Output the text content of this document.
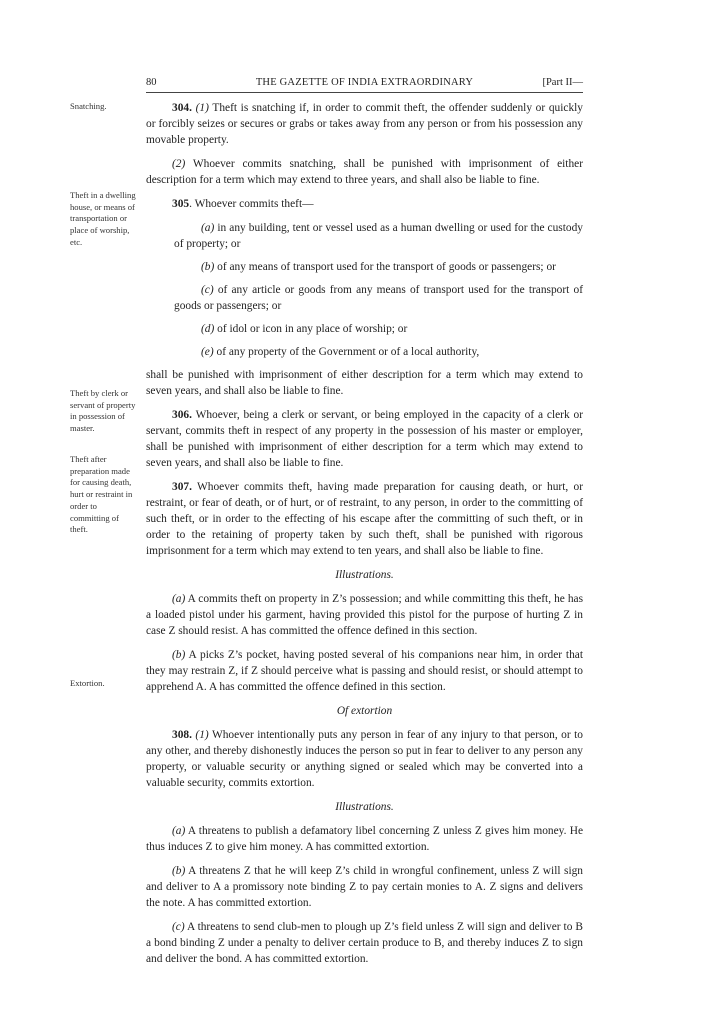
80	THE GAZETTE OF INDIA EXTRAORDINARY	[Part II—
Snatching.
Theft in a dwelling house, or means of transportation or place of worship, etc.
Theft by clerk or servant of property in possession of master.
Theft after preparation made for causing death, hurt or restraint in order to committing of theft.
Extortion.

304. (1) Theft is snatching if, in order to commit theft, the offender suddenly or quickly or forcibly seizes or secures or grabs or takes away from any person or from his possession any movable property.

(2) Whoever commits snatching, shall be punished with imprisonment of either description for a term which may extend to three years, and shall also be liable to fine.

305. Whoever commits theft—

(a) in any building, tent or vessel used as a human dwelling or used for the custody of property; or

(b) of any means of transport used for the transport of goods or passengers; or

(c) of any article or goods from any means of transport used for the transport of goods or passengers; or

(d) of idol or icon in any place of worship; or

(e) of any property of the Government or of a local authority,

shall be punished with imprisonment of either description for a term which may extend to seven years, and shall also be liable to fine.

306. Whoever, being a clerk or servant, or being employed in the capacity of a clerk or servant, commits theft in respect of any property in the possession of his master or employer, shall be punished with imprisonment of either description for a term which may extend to seven years, and shall also be liable to fine.

307. Whoever commits theft, having made preparation for causing death, or hurt, or restraint, or fear of death, or of hurt, or of restraint, to any person, in order to the committing of such theft, or in order to the effecting of his escape after the committing of such theft, or in order to the retaining of property taken by such theft, shall be punished with rigorous imprisonment for a term which may extend to ten years, and shall also be liable to fine.

Illustrations.

(a) A commits theft on property in Z’s possession; and while committing this theft, he has a loaded pistol under his garment, having provided this pistol for the purpose of hurting Z in case Z should resist. A has committed the offence defined in this section.

(b) A picks Z’s pocket, having posted several of his companions near him, in order that they may restrain Z, if Z should perceive what is passing and should resist, or should attempt to apprehend A. A has committed the offence defined in this section.

Of extortion

308. (1) Whoever intentionally puts any person in fear of any injury to that person, or to any other, and thereby dishonestly induces the person so put in fear to deliver to any person any property, or valuable security or anything signed or sealed which may be converted into a valuable security, commits extortion.

Illustrations.

(a) A threatens to publish a defamatory libel concerning Z unless Z gives him money. He thus induces Z to give him money. A has committed extortion.

(b) A threatens Z that he will keep Z’s child in wrongful confinement, unless Z will sign and deliver to A a promissory note binding Z to pay certain monies to A. Z signs and delivers the note. A has committed extortion.

(c) A threatens to send club-men to plough up Z’s field unless Z will sign and deliver to B a bond binding Z under a penalty to deliver certain produce to B, and thereby induces Z to sign and deliver the bond. A has committed extortion.
